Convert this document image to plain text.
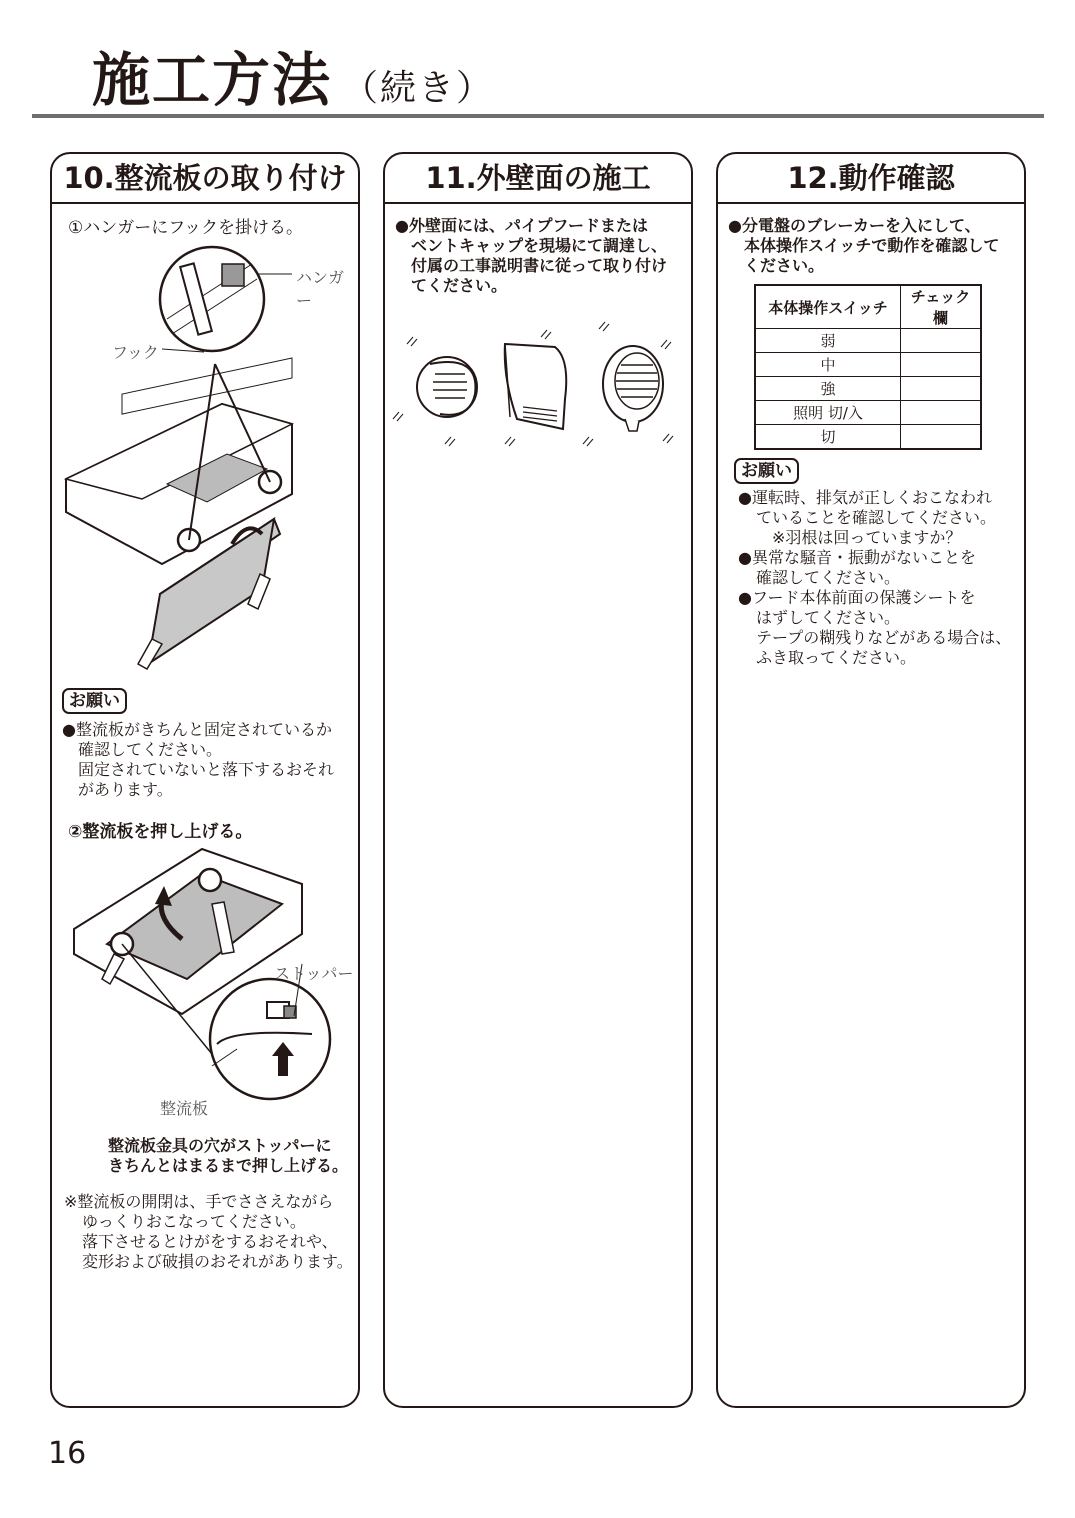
施工方法 （続き）
10.整流板の取り付け
①ハンガーにフックを掛ける。
ハンガー
フック
お願い
●整流板がきちんと固定されているか
確認してください。
固定されていないと落下するおそれ
があります。
②整流板を押し上げる。
ストッパー
整流板
整流板金具の穴がストッパーに
きちんとはまるまで押し上げる。
※整流板の開閉は、手でささえながら
ゆっくりおこなってください。
落下させるとけがをするおそれや、
変形および破損のおそれがあります。
11.外壁面の施工
●外壁面には、パイプフードまたは
ベントキャップを現場にて調達し、
付属の工事説明書に従って取り付け
てください。
12.動作確認
●分電盤のブレーカーを入にして、
本体操作スイッチで動作を確認して
ください。
本体操作スイッチ	チェック欄
弱	
中	
強	
照明 切/入	
切	
お願い
●運転時、排気が正しくおこなわれ
ていることを確認してください。
※羽根は回っていますか？
●異常な騒音・振動がないことを
確認してください。
●フード本体前面の保護シートを
はずしてください。
テープの糊残りなどがある場合は、
ふき取ってください。
16
